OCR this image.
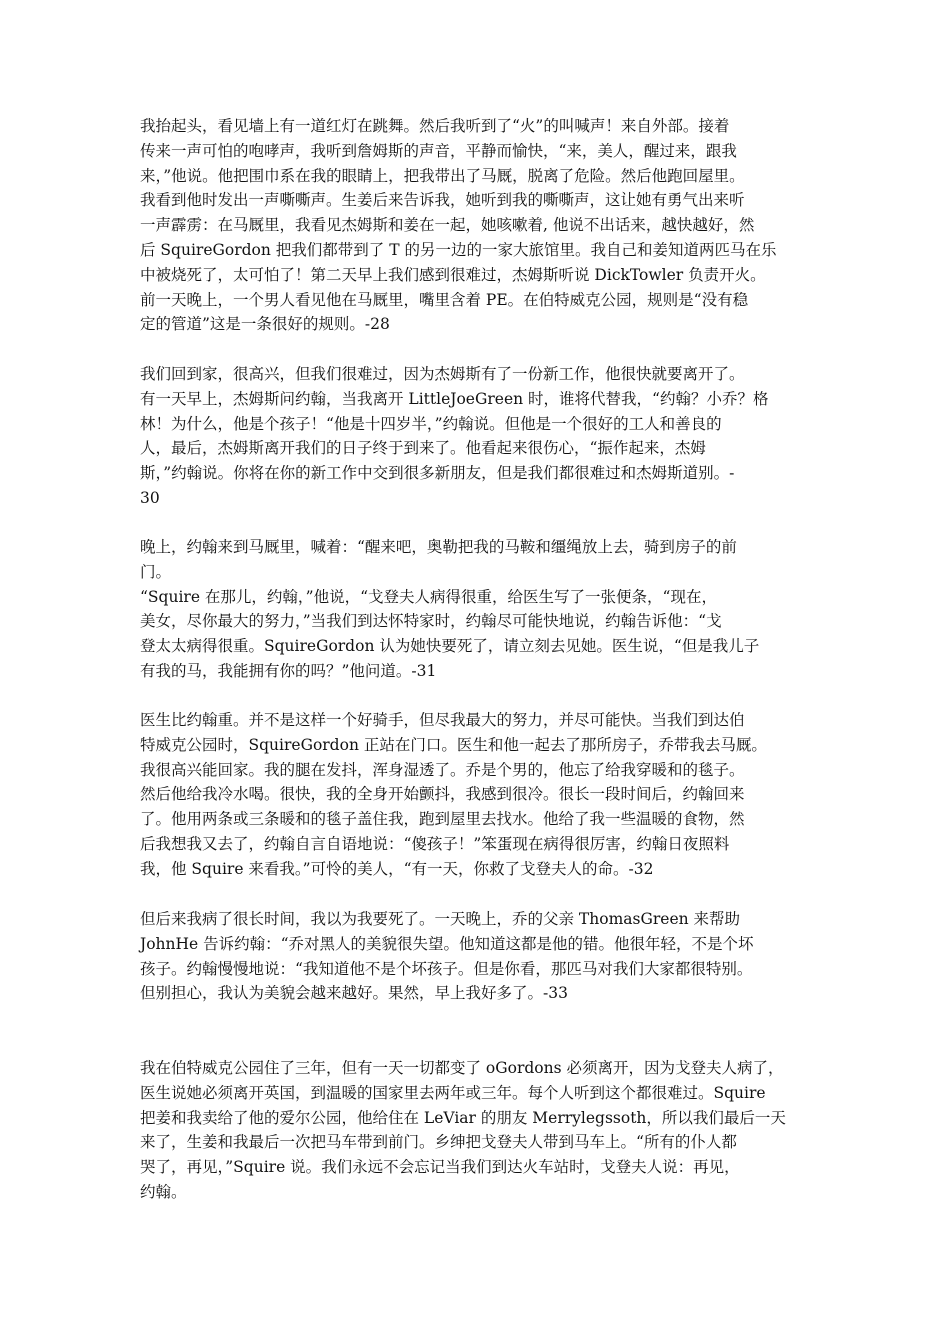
我抬起头，看见墙上有一道红灯在跳舞。然后我听到了“火”的叫喊声！来自外部。接着
传来一声可怕的咆哮声，我听到詹姆斯的声音，平静而愉快，“来，美人，醒过来，跟我
来，”他说。他把围巾系在我的眼睛上，把我带出了马厩，脱离了危险。然后他跑回屋里。
我看到他时发出一声嘶嘶声。生姜后来告诉我，她听到我的嘶嘶声，这让她有勇气出来听
一声霹雳：在马厩里，我看见杰姆斯和姜在一起，她咳嗽着, 他说不出话来，越快越好，然
后 SquireGordon 把我们都带到了 T 的另一边的一家大旅馆里。我自己和姜知道两匹马在乐
中被烧死了，太可怕了！第二天早上我们感到很难过，杰姆斯听说 DickTowler 负责开火。
前一天晚上，一个男人看见他在马厩里，嘴里含着 PE。在伯特威克公园，规则是“没有稳
定的管道”这是一条很好的规则。-28
我们回到家，很高兴，但我们很难过，因为杰姆斯有了一份新工作，他很快就要离开了。
有一天早上，杰姆斯问约翰，当我离开 LittleJoeGreen 时，谁将代替我，“约翰？小乔？格
林！为什么，他是个孩子！“他是十四岁半，”约翰说。但他是一个很好的工人和善良的
人，最后，杰姆斯离开我们的日子终于到来了。他看起来很伤心，“振作起来，杰姆
斯，”约翰说。你将在你的新工作中交到很多新朋友，但是我们都很难过和杰姆斯道别。-
30
晚上，约翰来到马厩里，喊着：“醒来吧，奥勒把我的马鞍和缰绳放上去，骑到房子的前
门。
“Squire 在那儿，约翰，”他说，“戈登夫人病得很重，给医生写了一张便条，“现在，
美女，尽你最大的努力，”当我们到达怀特家时，约翰尽可能快地说，约翰告诉他：“戈
登太太病得很重。SquireGordon 认为她快要死了，请立刻去见她。医生说，“但是我儿子
有我的马，我能拥有你的吗？”他问道。-31
医生比约翰重。并不是这样一个好骑手，但尽我最大的努力，并尽可能快。当我们到达伯
特威克公园时，SquireGordon 正站在门口。医生和他一起去了那所房子，乔带我去马厩。
我很高兴能回家。我的腿在发抖，浑身湿透了。乔是个男的，他忘了给我穿暖和的毯子。
然后他给我冷水喝。很快，我的全身开始颤抖，我感到很冷。很长一段时间后，约翰回来
了。他用两条或三条暖和的毯子盖住我，跑到屋里去找水。他给了我一些温暖的食物，然
后我想我又去了，约翰自言自语地说：“傻孩子！”笨蛋现在病得很厉害，约翰日夜照料
我，他 Squire 来看我。”可怜的美人，“有一天，你救了戈登夫人的命。-32
但后来我病了很长时间，我以为我要死了。一天晚上，乔的父亲 ThomasGreen 来帮助
JohnHe 告诉约翰：“乔对黑人的美貌很失望。他知道这都是他的错。他很年轻，不是个坏
孩子。约翰慢慢地说：“我知道他不是个坏孩子。但是你看，那匹马对我们大家都很特别。
但别担心，我认为美貌会越来越好。果然，早上我好多了。-33
我在伯特威克公园住了三年，但有一天一切都变了 oGordons 必须离开，因为戈登夫人病了，
医生说她必须离开英国，到温暖的国家里去两年或三年。每个人听到这个都很难过。Squire
把姜和我卖给了他的爱尔公园，他给住在 LeViar 的朋友 Merrylegssoth，所以我们最后一天
来了，生姜和我最后一次把马车带到前门。乡绅把戈登夫人带到马车上。“所有的仆人都
哭了，再见，”Squire 说。我们永远不会忘记当我们到达火车站时，戈登夫人说：再见，
约翰。
